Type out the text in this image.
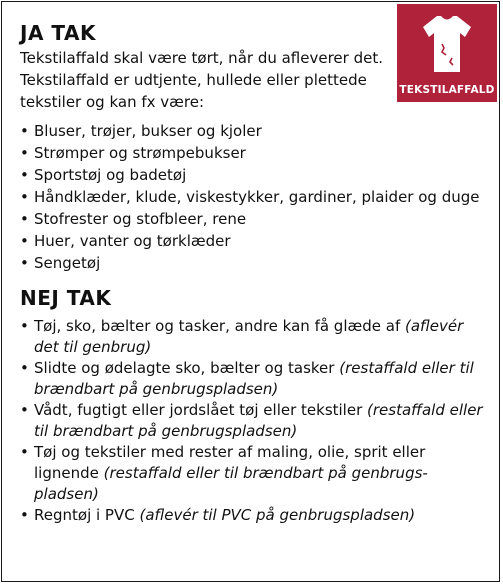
TEKSTILAFFALD
JA TAK

Tekstilaffald skal være tørt, når du afleverer det. Tekstilaffald er udtjente, hullede eller plettede tekstiler og kan fx være:

• Bluser, trøjer, bukser og kjoler
• Strømper og strømpebukser
• Sportstøj og badetøj
• Håndklæder, klude, viskestykker, gardiner, plaider og duge
• Stofrester og stofbleer, rene
• Huer, vanter og tørklæder
• Sengetøj
NEJ TAK
• Tøj, sko, bælter og tasker, andre kan få glæde af (aflevér det til genbrug)
• Slidte og ødelagte sko, bælter og tasker (restaffald eller til brændbart på genbrugspladsen)
• Vådt, fugtigt eller jordslået tøj eller tekstiler (restaffald eller til brændbart på genbrugspladsen)
• Tøj og tekstiler med rester af maling, olie, sprit eller lignende (restaffald eller til brændbart på genbrugs-pladsen)
• Regntøj i PVC (aflevér til PVC på genbrugspladsen)
